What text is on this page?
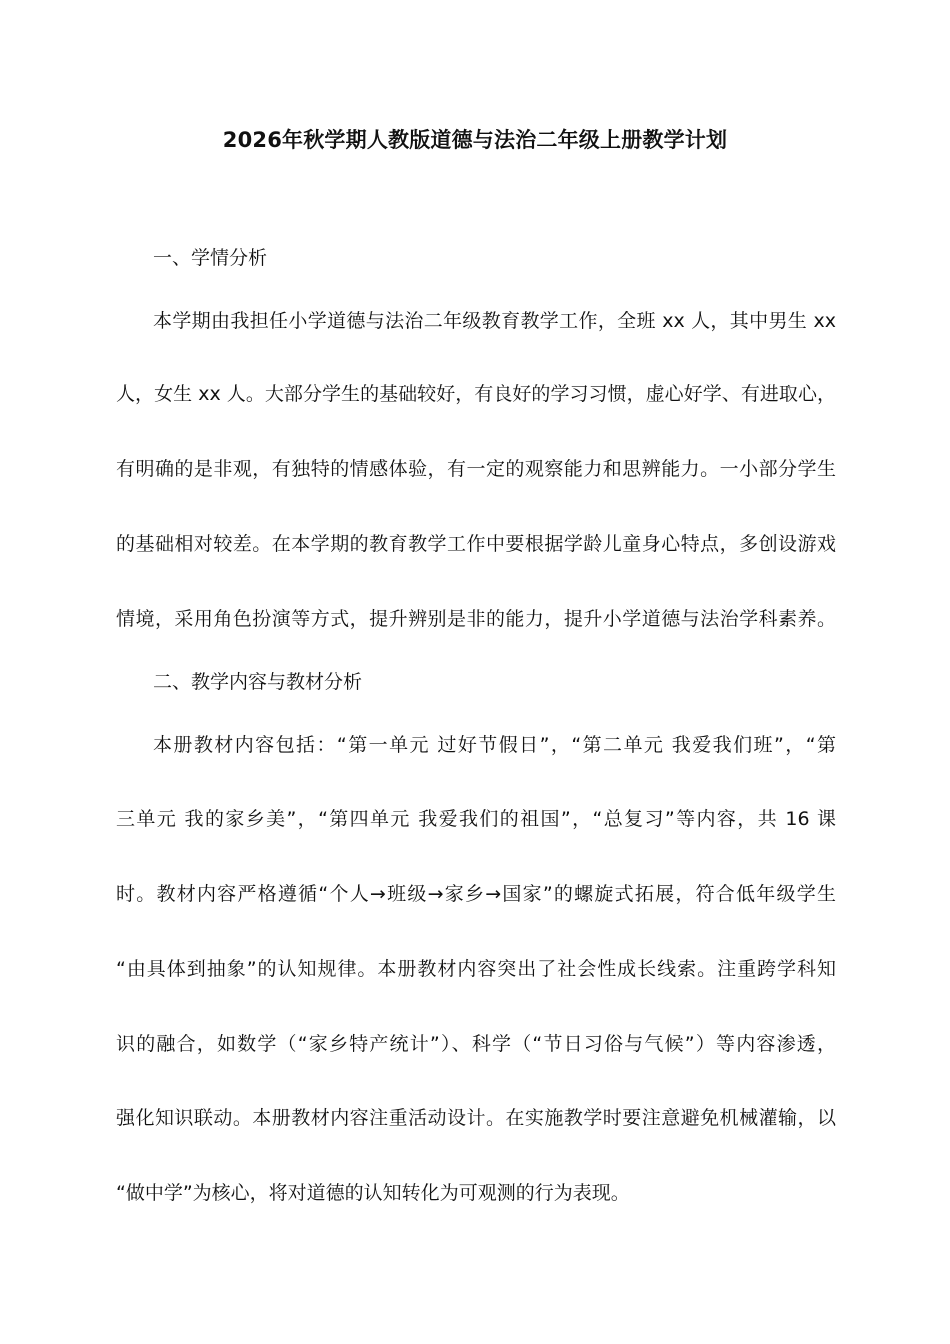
2026年秋学期人教版道德与法治二年级上册教学计划
一、学情分析
本学期由我担任小学道德与法治二年级教育教学工作，全班 xx 人，其中男生 xx
人，女生 xx 人。大部分学生的基础较好，有良好的学习习惯，虚心好学、有进取心，
有明确的是非观，有独特的情感体验，有一定的观察能力和思辨能力。一小部分学生
的基础相对较差。在本学期的教育教学工作中要根据学龄儿童身心特点，多创设游戏
情境，采用角色扮演等方式，提升辨别是非的能力，提升小学道德与法治学科素养。
二、教学内容与教材分析
本册教材内容包括：“第一单元 过好节假日”，“第二单元 我爱我们班”，“第
三单元 我的家乡美”，“第四单元 我爱我们的祖国”，“总复习”等内容，共 16 课
时。教材内容严格遵循“个人→班级→家乡→国家”的螺旋式拓展，符合低年级学生
“由具体到抽象”的认知规律。本册教材内容突出了社会性成长线索。注重跨学科知
识的融合，如数学（“家乡特产统计”）、科学（“节日习俗与气候”）等内容渗透，
强化知识联动。本册教材内容注重活动设计。在实施教学时要注意避免机械灌输，以
“做中学”为核心，将对道德的认知转化为可观测的行为表现。
